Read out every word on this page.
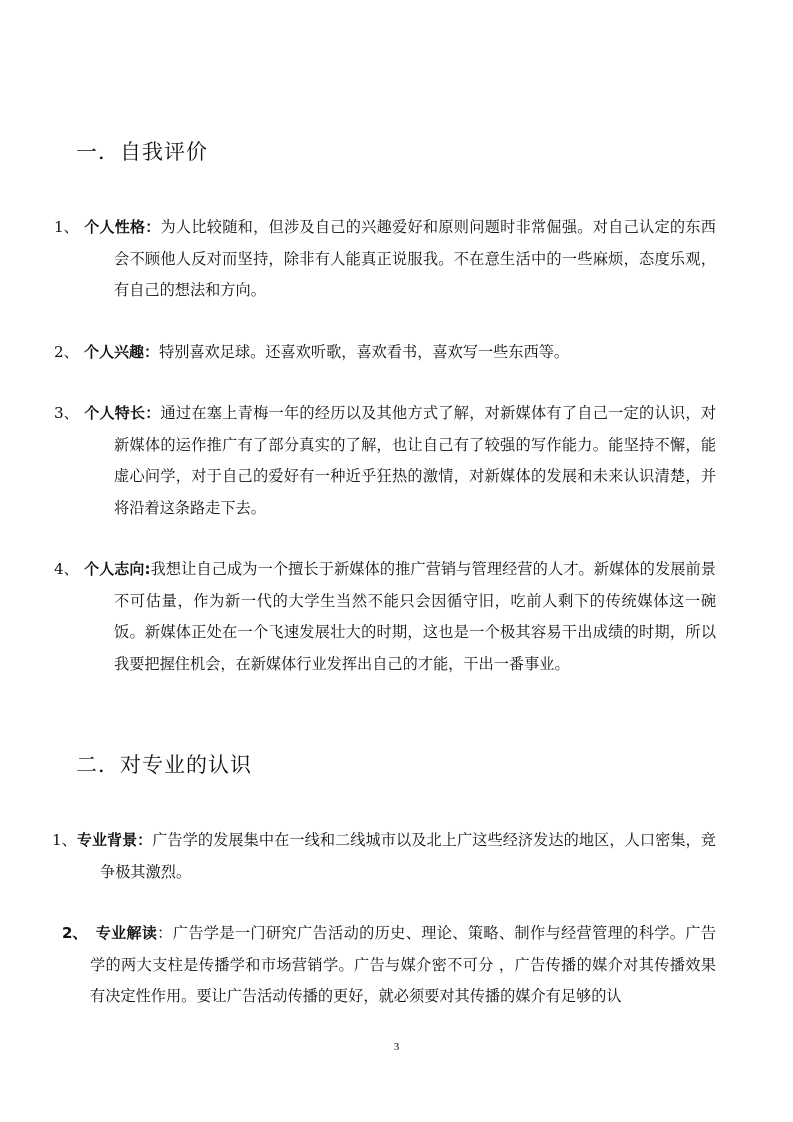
一．自我评价

1、 个人性格：为人比较随和，但涉及自己的兴趣爱好和原则问题时非常倔强。对自己认定的东西会不顾他人反对而坚持，除非有人能真正说服我。不在意生活中的一些麻烦，态度乐观，有自己的想法和方向。

2、 个人兴趣：特别喜欢足球。还喜欢听歌，喜欢看书，喜欢写一些东西等。

3、 个人特长：通过在塞上青梅一年的经历以及其他方式了解，对新媒体有了自己一定的认识，对新媒体的运作推广有了部分真实的了解，也让自己有了较强的写作能力。能坚持不懈，能虚心问学，对于自己的爱好有一种近乎狂热的激情，对新媒体的发展和未来认识清楚，并将沿着这条路走下去。

4、 个人志向:我想让自己成为一个擅长于新媒体的推广营销与管理经营的人才。新媒体的发展前景不可估量，作为新一代的大学生当然不能只会因循守旧，吃前人剩下的传统媒体这一碗饭。新媒体正处在一个飞速发展壮大的时期，这也是一个极其容易干出成绩的时期，所以我要把握住机会，在新媒体行业发挥出自己的才能，干出一番事业。

二．对专业的认识

1、专业背景：广告学的发展集中在一线和二线城市以及北上广这些经济发达的地区，人口密集，竞争极其激烈。

2、 专业解读：广告学是一门研究广告活动的历史、理论、策略、制作与经营管理的科学。广告学的两大支柱是传播学和市场营销学。广告与媒介密不可分 ，广告传播的媒介对其传播效果有决定性作用。要让广告活动传播的更好，就必须要对其传播的媒介有足够的认

3
